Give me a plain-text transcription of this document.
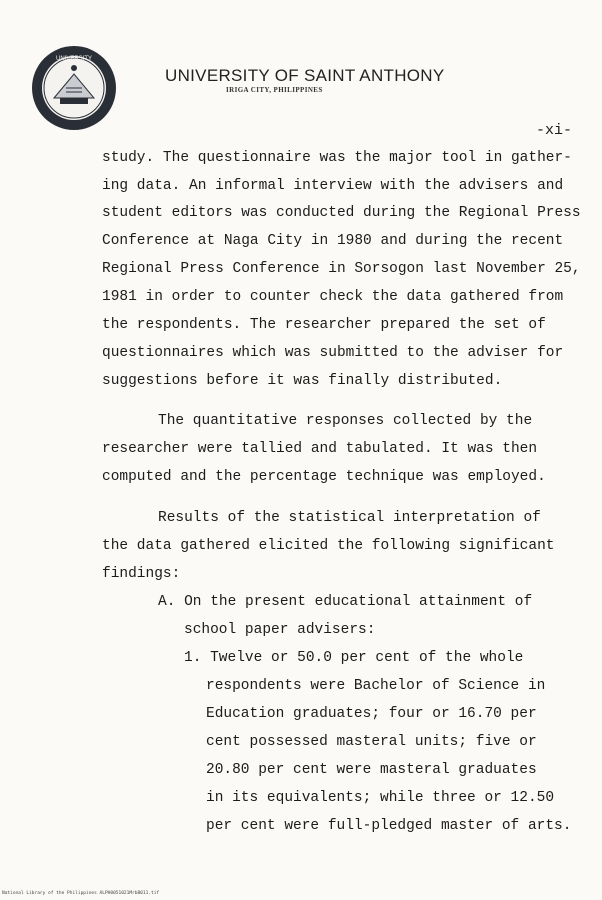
UNIVERSITY
UNIVERSITY OF SAINT ANTHONY
IRIGA CITY, PHILIPPINES
-xi-
study. The questionnaire was the major tool in gather-
ing data. An informal interview with the advisers and
student editors was conducted during the Regional Press
Conference at Naga City in 1980 and during the recent
Regional Press Conference in Sorsogon last November 25,
1981 in order to counter check the data gathered from
the respondents. The researcher prepared the set of
questionnaires which was submitted to the adviser for
suggestions before it was finally distributed.
The quantitative responses collected by the
researcher were tallied and tabulated. It was then
computed and the percentage technique was employed.
Results of the statistical interpretation of
the data gathered elicited the following significant
findings:
A. On the present educational attainment of
school paper advisers:
1. Twelve or 50.0 per cent of the whole
respondents were Bachelor of Science in
Education graduates; four or 16.70 per
cent possessed masteral units; five or
20.80 per cent were masteral graduates
in its equivalents; while three or 12.50
per cent were full-pledged master of arts.
National Library of the Philippines ALPH0051021MrbB011.tif
